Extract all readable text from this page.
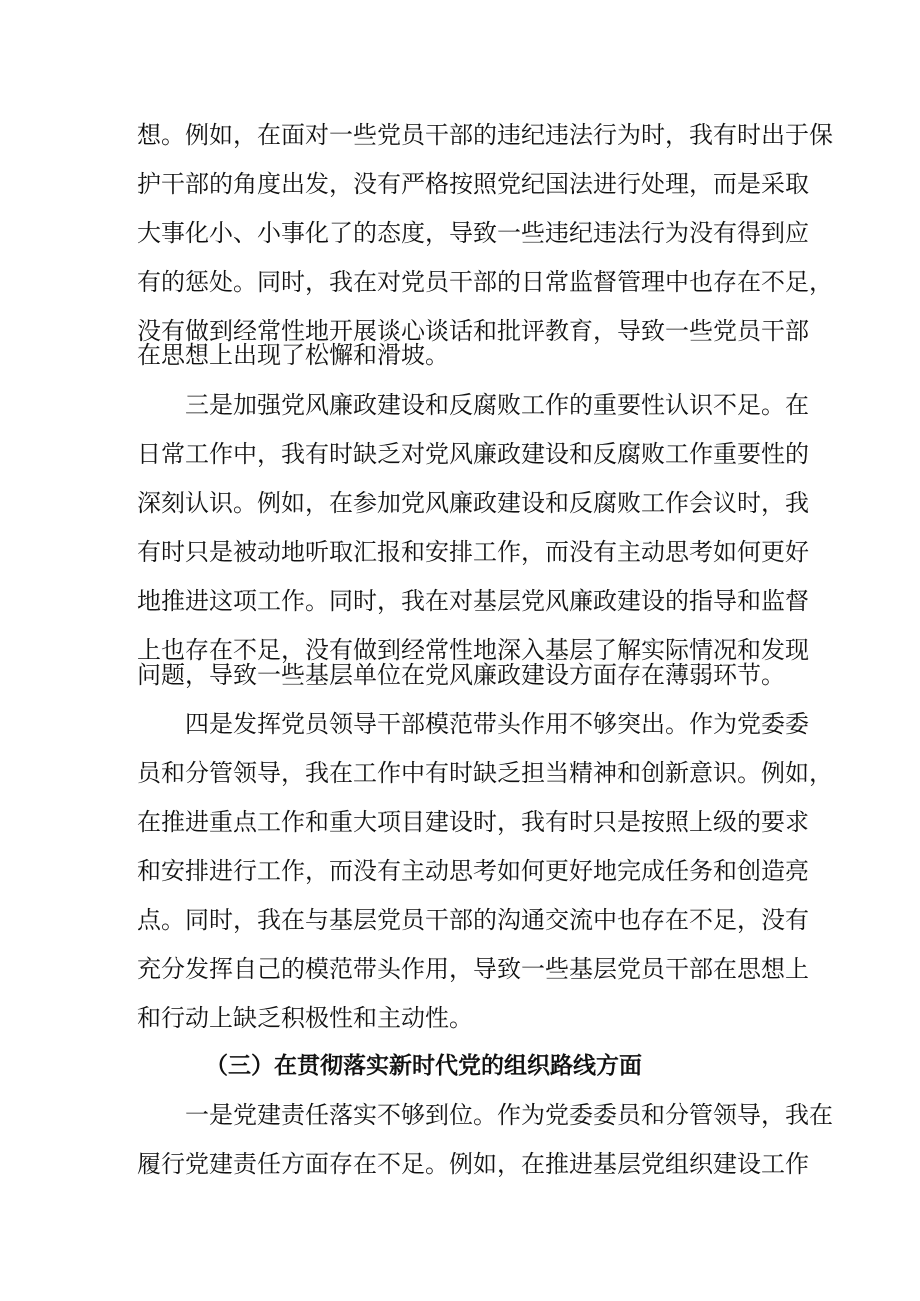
想。例如，在面对一些党员干部的违纪违法行为时，我有时出于保
护干部的角度出发，没有严格按照党纪国法进行处理，而是采取
大事化小、小事化了的态度，导致一些违纪违法行为没有得到应
有的惩处。同时，我在对党员干部的日常监督管理中也存在不足，
没有做到经常性地开展谈心谈话和批评教育，导致一些党员干部
在思想上出现了松懈和滑坡。
三是加强党风廉政建设和反腐败工作的重要性认识不足。在
日常工作中，我有时缺乏对党风廉政建设和反腐败工作重要性的
深刻认识。例如，在参加党风廉政建设和反腐败工作会议时，我
有时只是被动地听取汇报和安排工作，而没有主动思考如何更好
地推进这项工作。同时，我在对基层党风廉政建设的指导和监督
上也存在不足，没有做到经常性地深入基层了解实际情况和发现
问题，导致一些基层单位在党风廉政建设方面存在薄弱环节。
四是发挥党员领导干部模范带头作用不够突出。作为党委委
员和分管领导，我在工作中有时缺乏担当精神和创新意识。例如，
在推进重点工作和重大项目建设时，我有时只是按照上级的要求
和安排进行工作，而没有主动思考如何更好地完成任务和创造亮
点。同时，我在与基层党员干部的沟通交流中也存在不足，没有
充分发挥自己的模范带头作用，导致一些基层党员干部在思想上
和行动上缺乏积极性和主动性。
（三）在贯彻落实新时代党的组织路线方面
一是党建责任落实不够到位。作为党委委员和分管领导，我在
履行党建责任方面存在不足。例如，在推进基层党组织建设工作
